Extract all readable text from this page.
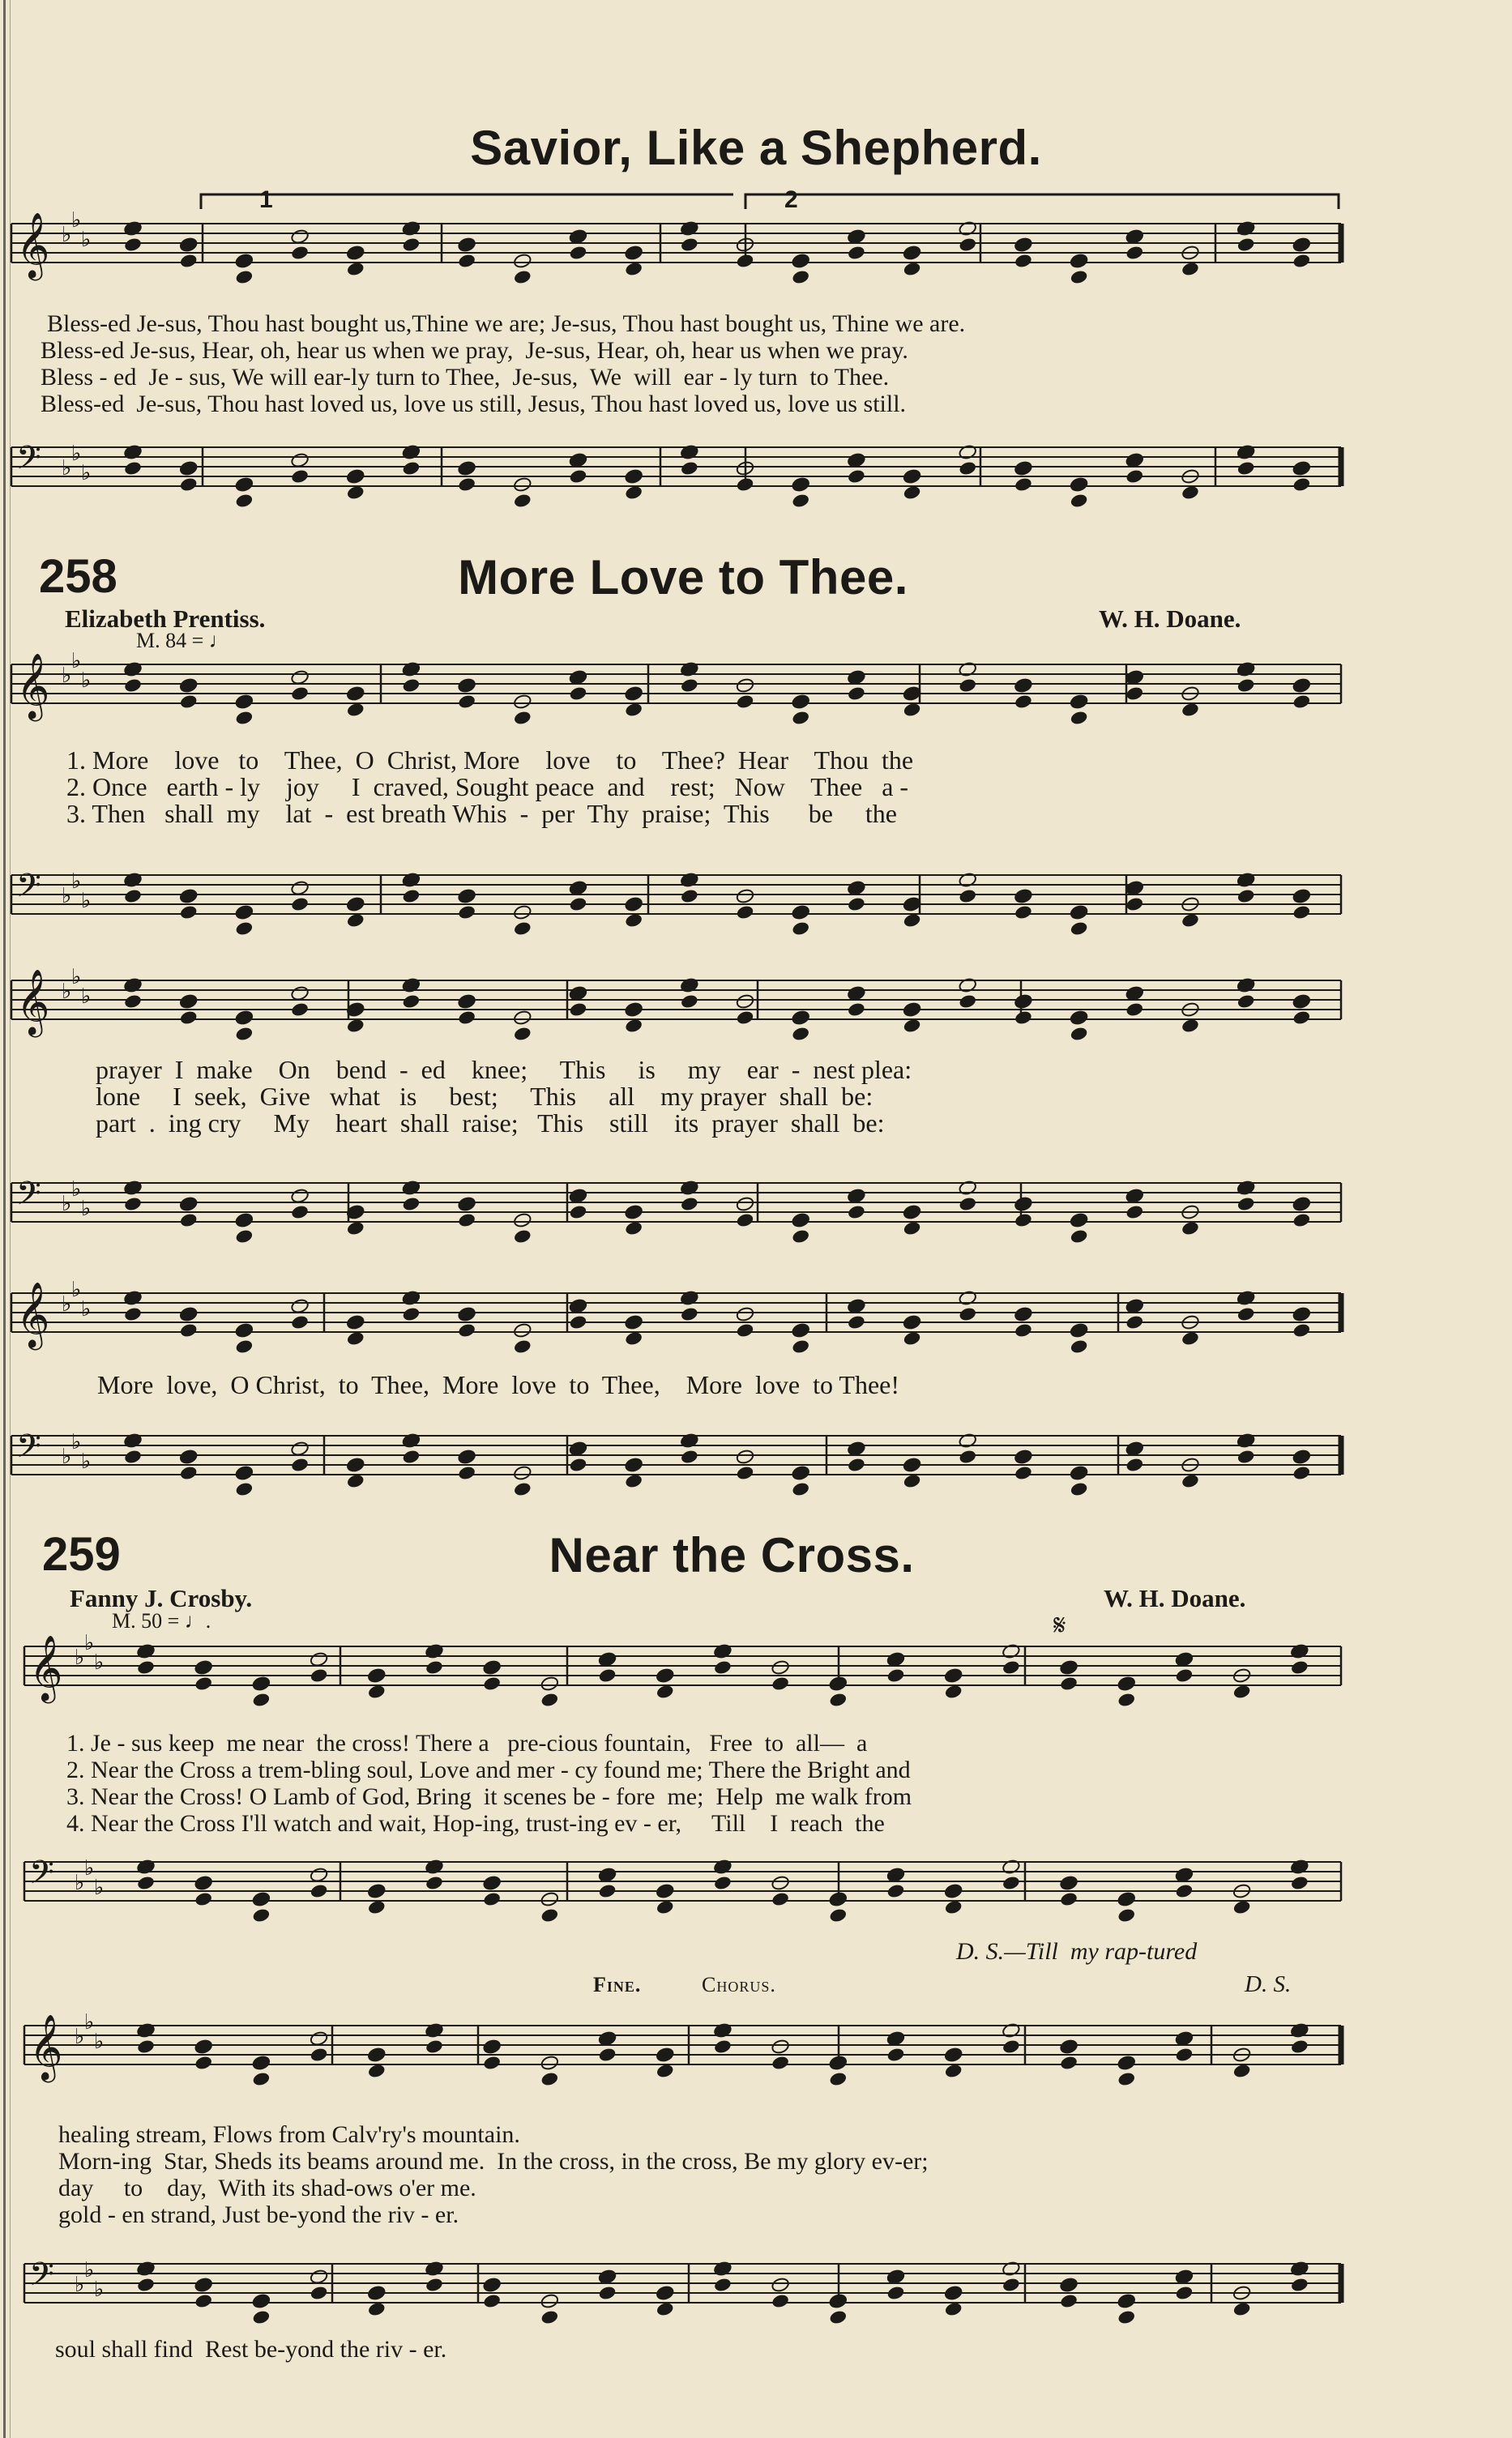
Savior, Like a Shepherd.
𝄞 ♭
♭
♭
𝄢 ♭
♭
♭
1	2
𝄞 ♭
♭
♭
𝄢 ♭
♭
♭
𝄞 ♭
♭
♭
𝄢 ♭
♭
♭
𝄞 ♭
♭
♭
𝄢 ♭
♭
♭
𝄞 ♭
♭
♭
𝄢 ♭
♭
♭
𝄞 ♭
♭
♭
𝄢 ♭
♭
♭
Bless-ed Je-sus, Thou hast bought us,Thine we are; Je-sus, Thou hast bought us, Thine we are.
Bless-ed Je-sus, Hear, oh, hear us when we pray,  Je-sus, Hear, oh, hear us when we pray.
Bless - ed  Je - sus, We will ear-ly turn to Thee,  Je-sus,  We  will  ear - ly turn  to Thee.
Bless-ed  Je-sus, Thou hast loved us, love us still, Jesus, Thou hast loved us, love us still.
258	More Love to Thee.
Elizabeth Prentiss.	W. H. Doane.
M. 84 = ♩
1. More    love   to    Thee,  O  Christ, More    love    to    Thee?  Hear    Thou  the
2. Once   earth - ly    joy     I  craved, Sought peace  and    rest;   Now    Thee   a -
3. Then   shall  my    lat  -  est breath Whis  -  per  Thy  praise;  This      be     the
prayer  I  make    On    bend  -  ed    knee;     This     is     my    ear  -  nest plea:
lone     I  seek,  Give   what   is     best;     This     all    my prayer  shall  be:
part  .  ing cry     My    heart  shall  raise;   This    still    its  prayer  shall  be:
More  love,  O Christ,  to  Thee,  More  love  to  Thee,    More  love  to Thee!
259	Near the Cross.
Fanny J. Crosby.	W. H. Doane.
M. 50 = ♩.	𝄋
1. Je - sus keep  me near  the cross! There a   pre-cious fountain,   Free  to  all—  a
2. Near the Cross a trem-bling soul, Love and mer - cy found me; There the Bright and
3. Near the Cross! O Lamb of God, Bring  it scenes be - fore  me;  Help  me walk from
4. Near the Cross I'll watch and wait, Hop-ing, trust-ing ev - er,     Till    I  reach  the
D. S.—Till  my rap-tured
Fine.	Chorus.	D. S.
healing stream, Flows from Calv'ry's mountain.
Morn-ing  Star, Sheds its beams around me.  In the cross, in the cross, Be my glory ev-er;
day     to    day,  With its shad-ows o'er me.
gold - en strand, Just be-yond the riv - er.
soul shall find  Rest be-yond the riv - er.
